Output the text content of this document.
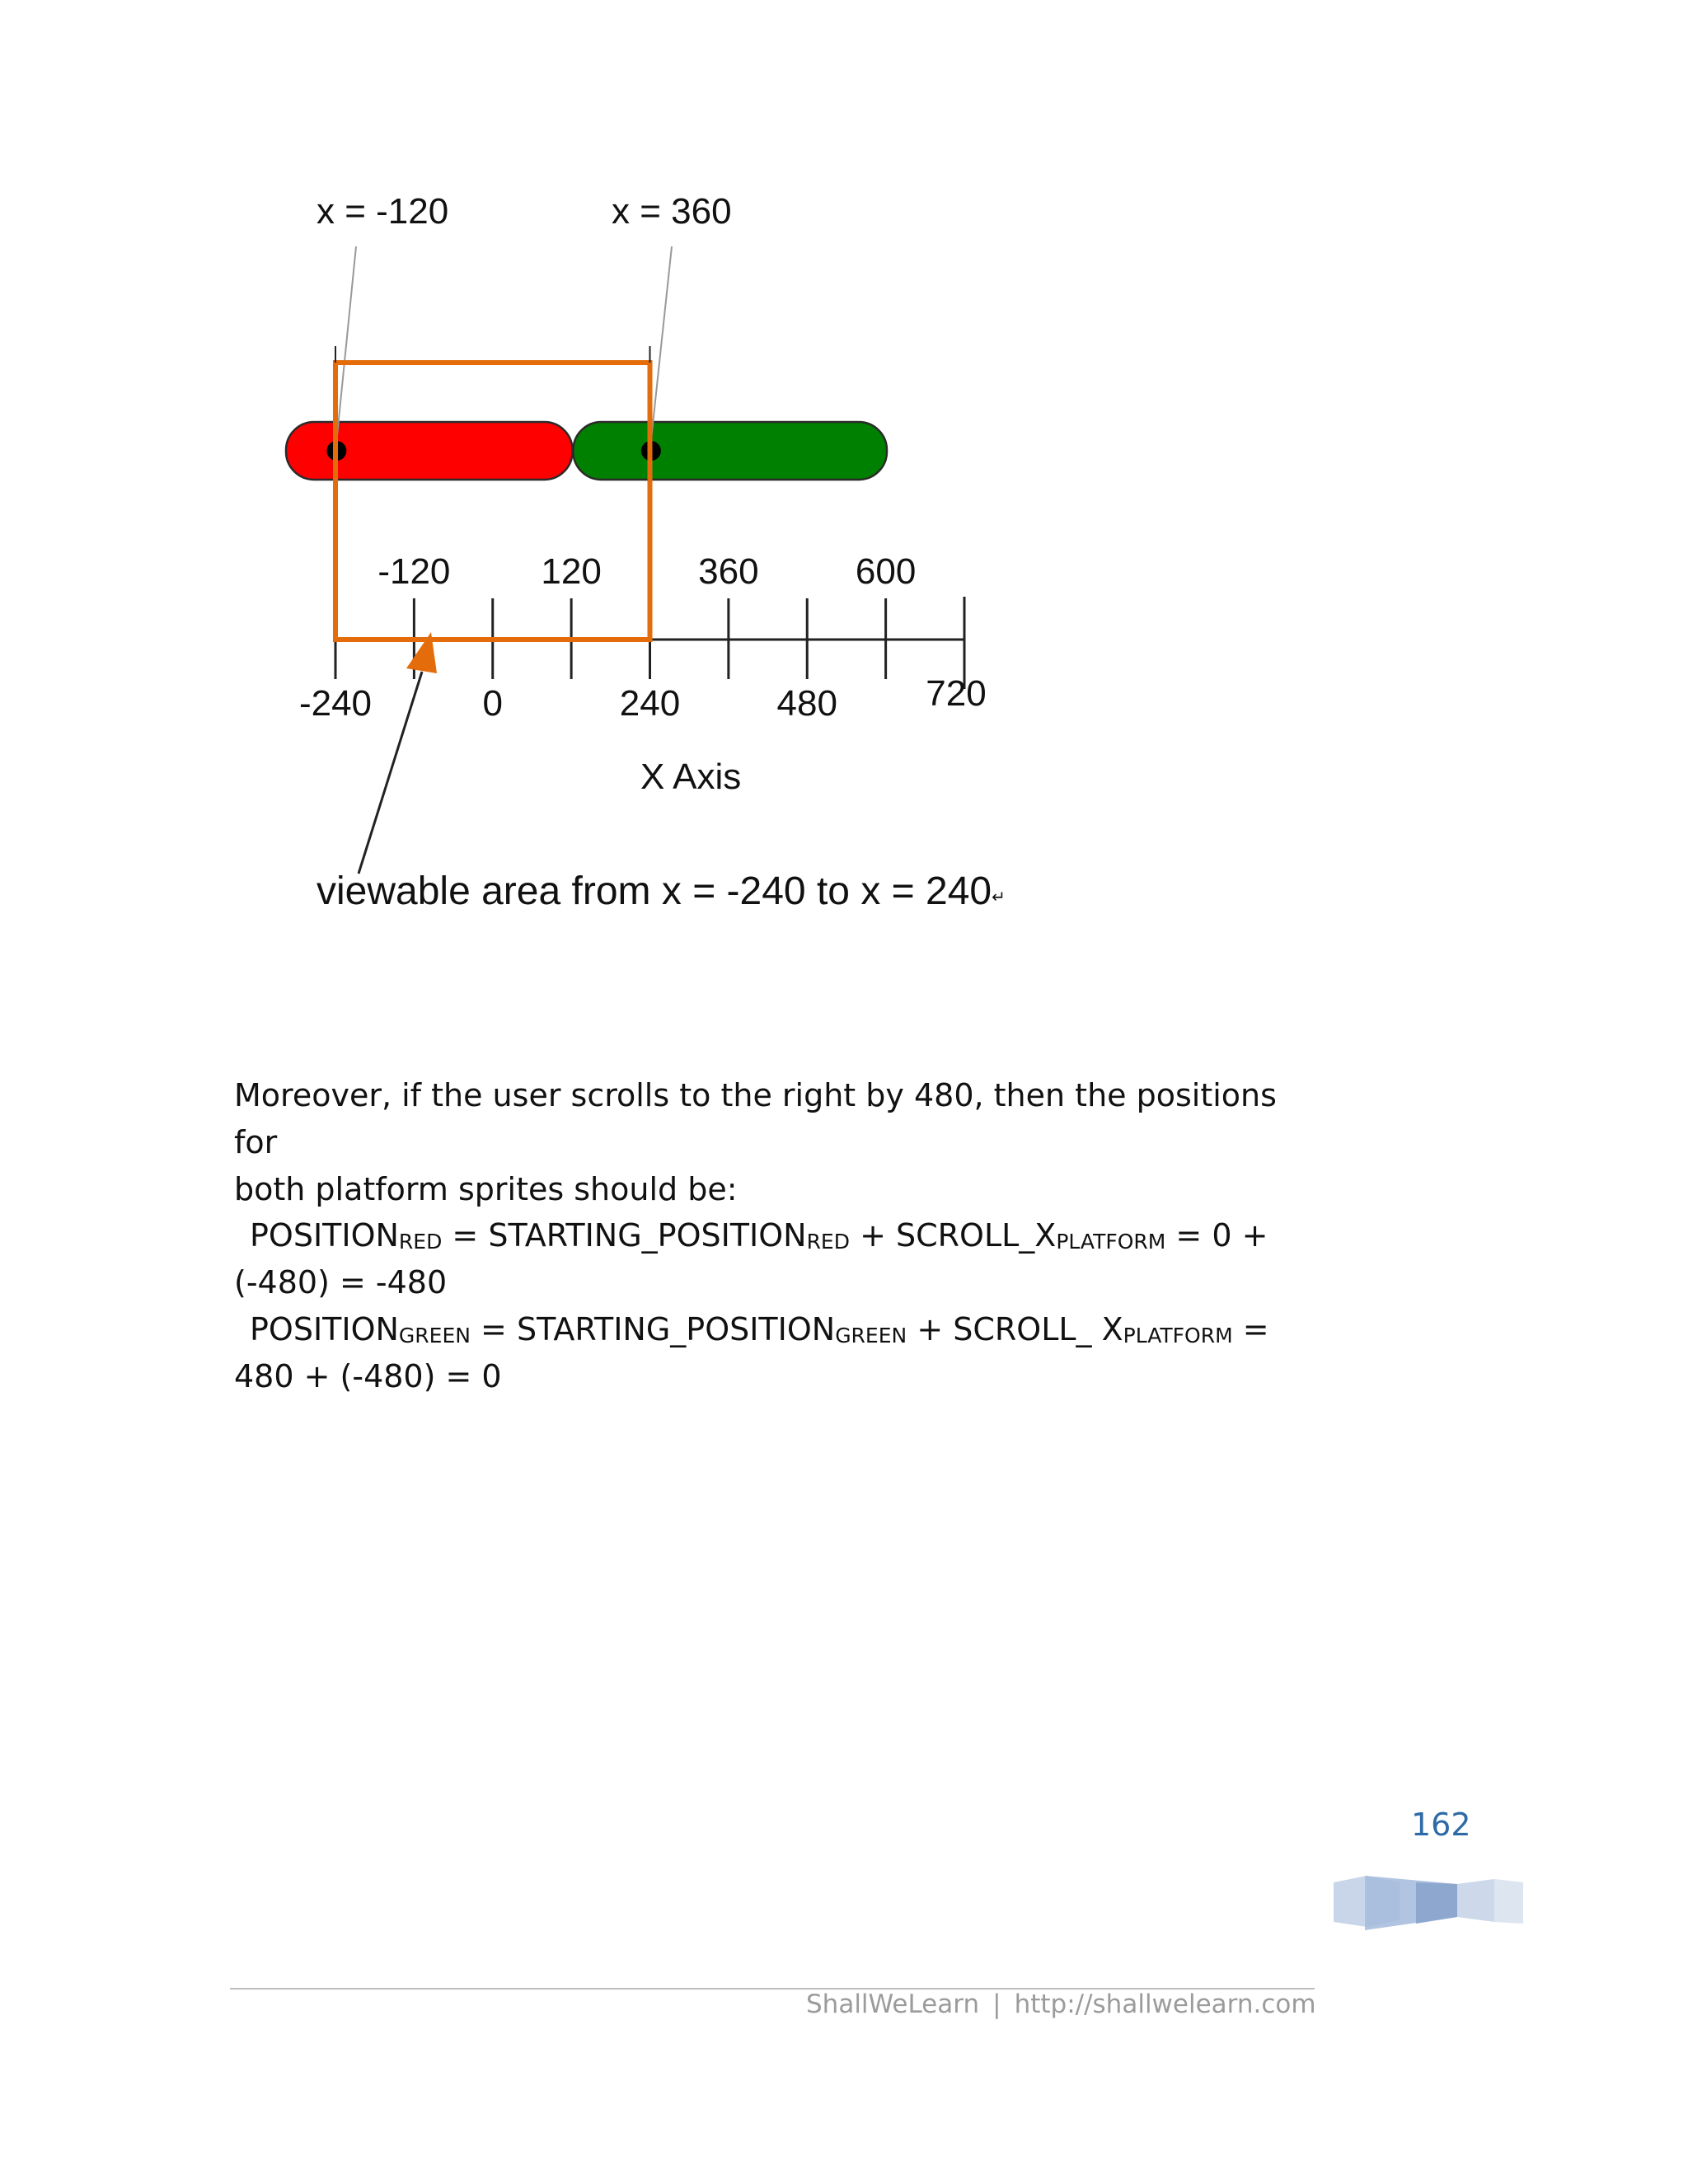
-120	120	360	600
-240	0	240	480 720
x = -120	x = 360
X Axis
viewable area from x = -240 to x = 240↵

Moreover, if the user scrolls to the right by 480, then the positions for
both platform sprites should be:

$POSITION_{RED}$ = $STARTING\_POSITION_{RED}$ + $SCROLL\_X_{PLATFORM} = 0$ +
(-480) = -480

$POSITION_{GREEN}$ = $STARTING\_POSITION_{GREEN}$ + SCROLL_ $X_{PLATFORM}$ =
480 + (-480) = 0

162
ShallWeLearn | http://shallwelearn.com
